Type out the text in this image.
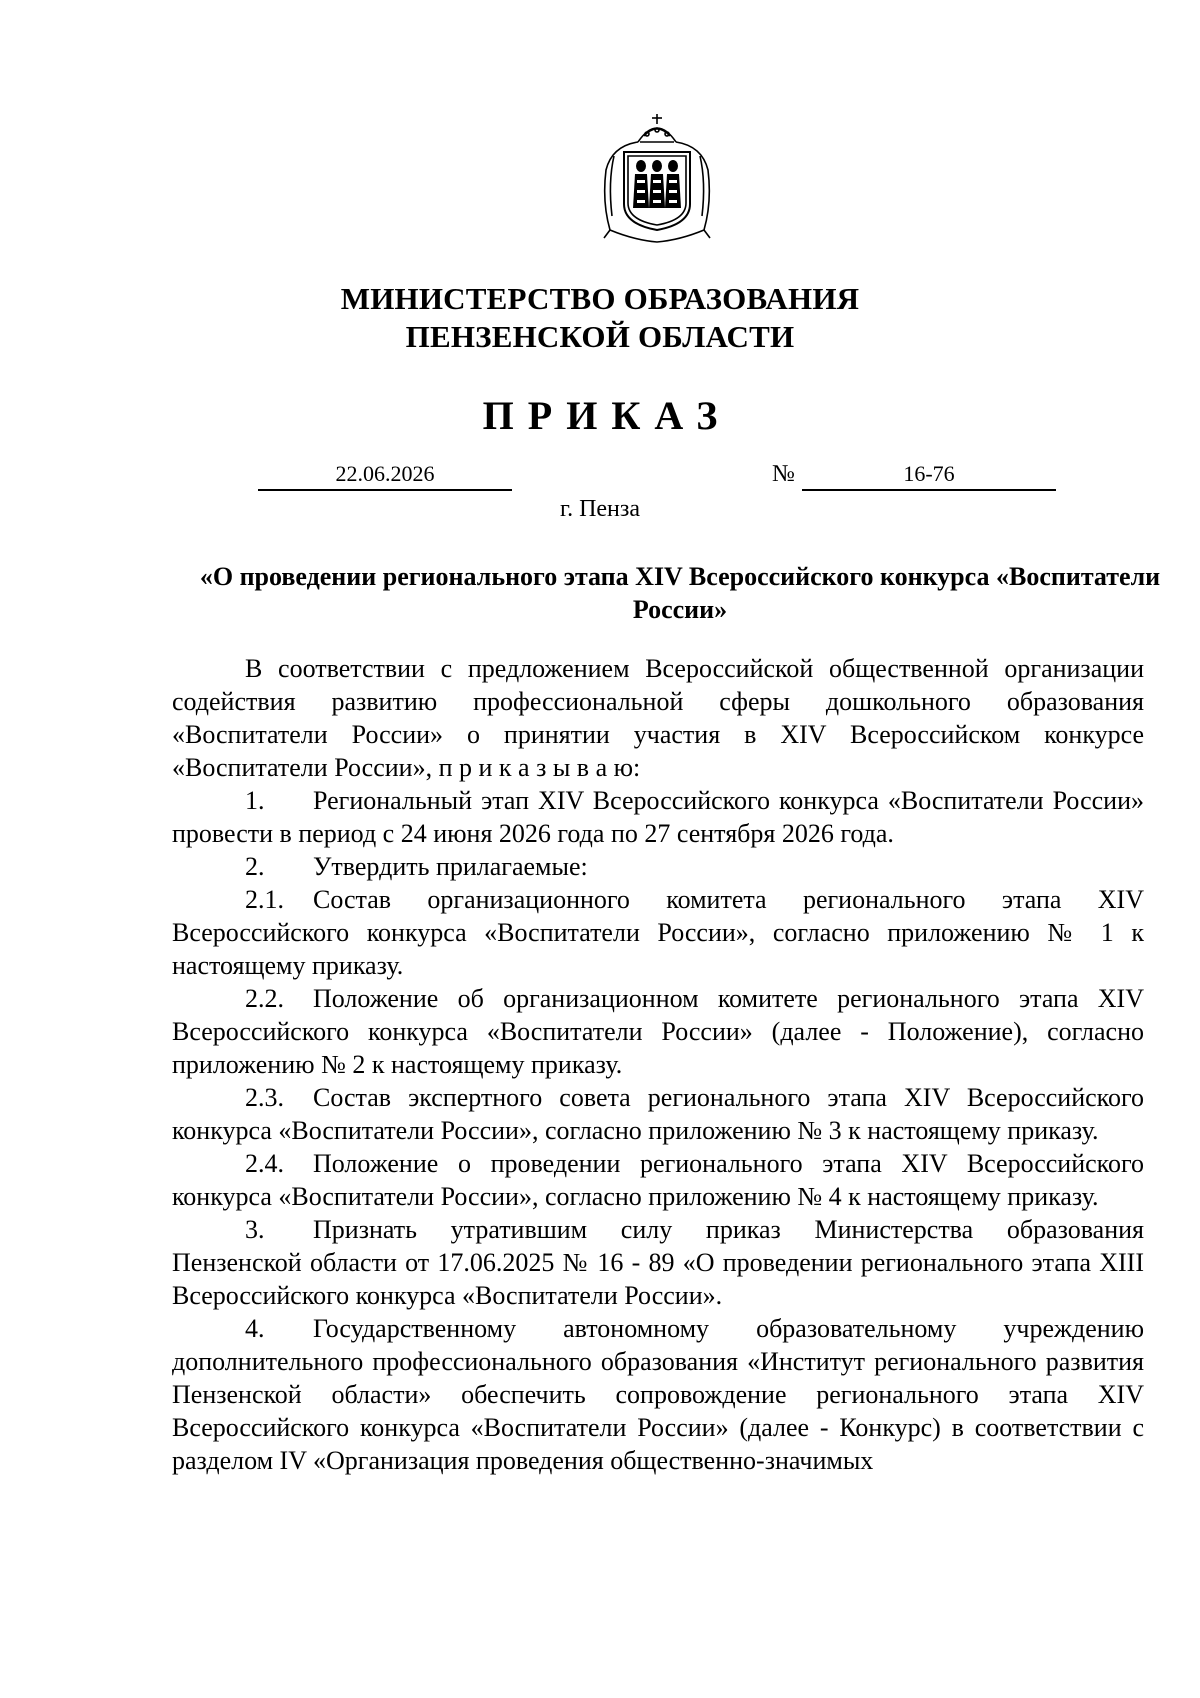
МИНИСТЕРСТВО ОБРАЗОВАНИЯ
ПЕНЗЕНСКОЙ ОБЛАСТИ
ПРИКАЗ
22.06.2026	№	16-76
г. Пенза
«О проведении регионального этапа XIV Всероссийского конкурса «Воспитатели России»

В соответствии с предложением Всероссийской общественной организации содействия развитию профессиональной сферы дошкольного образования «Воспитатели России» о принятии участия в XIV Всероссийском конкурсе «Воспитатели России», п р и к а з ы в а ю:

1. Региональный этап XIV Всероссийского конкурса «Воспитатели России» провести в период с 24 июня 2026 года по 27 сентября 2026 года.

2. Утвердить прилагаемые:

2.1. Состав организационного комитета регионального этапа XIV Всероссийского конкурса «Воспитатели России», согласно приложению № 1 к настоящему приказу.

2.2. Положение об организационном комитете регионального этапа XIV Всероссийского конкурса «Воспитатели России» (далее - Положение), согласно приложению № 2 к настоящему приказу.

2.3. Состав экспертного совета регионального этапа XIV Всероссийского конкурса «Воспитатели России», согласно приложению № 3 к настоящему приказу.

2.4. Положение о проведении регионального этапа XIV Всероссийского конкурса «Воспитатели России», согласно приложению № 4 к настоящему приказу.

3. Признать утратившим силу приказ Министерства образования Пензенской области от 17.06.2025 № 16 - 89 «О проведении регионального этапа XIII Всероссийского конкурса «Воспитатели России».

4. Государственному автономному образовательному учреждению дополнительного профессионального образования «Институт регионального развития Пензенской области» обеспечить сопровождение регионального этапа XIV Всероссийского конкурса «Воспитатели России» (далее - Конкурс) в соответствии с разделом IV «Организация проведения общественно-значимых
